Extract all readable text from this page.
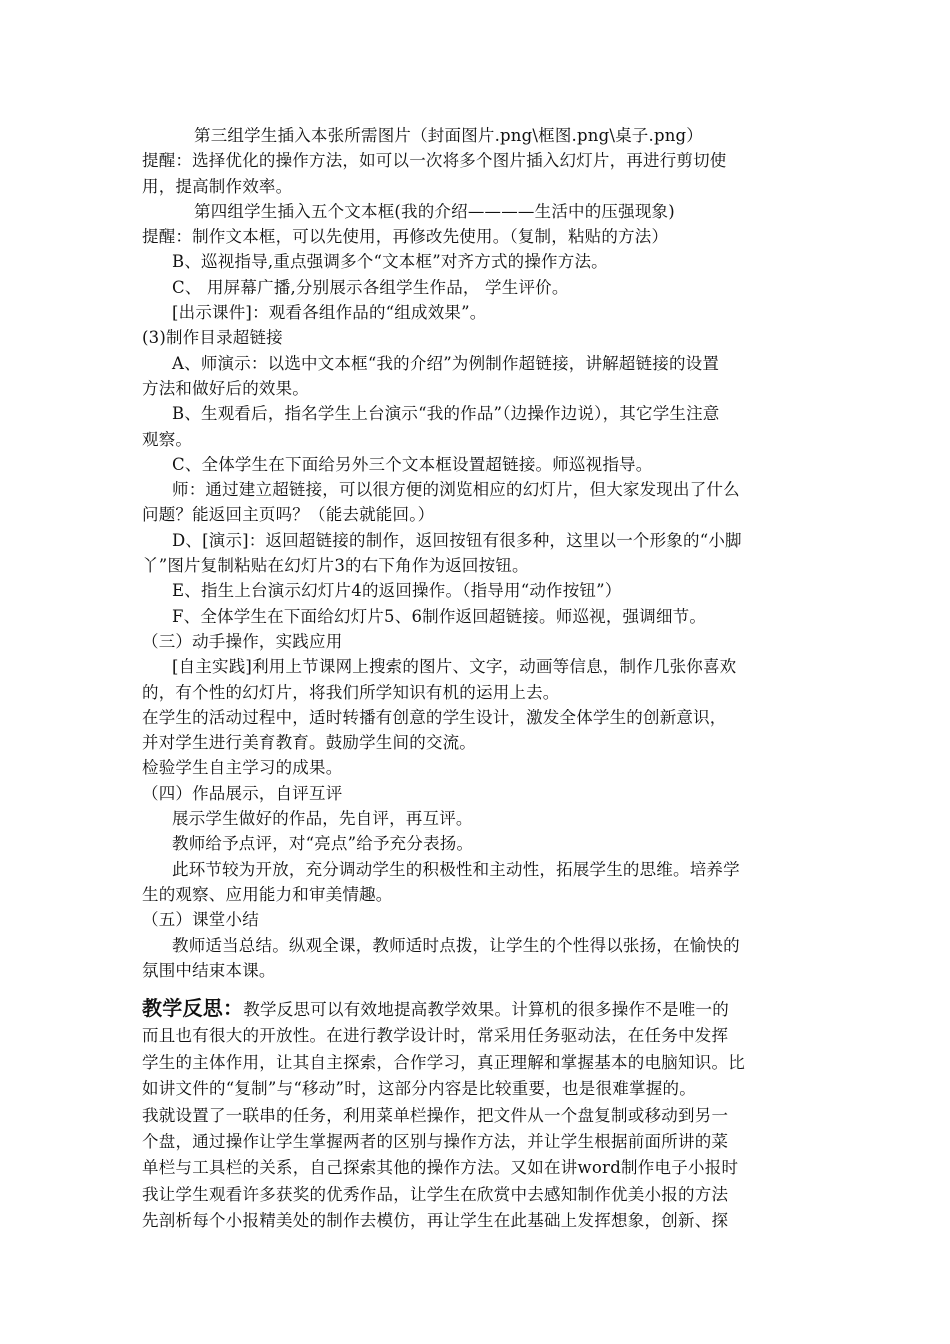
第三组学生插入本张所需图片（封面图片.png\框图.png\桌子.png）
提醒：选择优化的操作方法，如可以一次将多个图片插入幻灯片，再进行剪切使
用，提高制作效率。
第四组学生插入五个文本框(我的介绍————生活中的压强现象)
提醒：制作文本框，可以先使用，再修改先使用。（复制，粘贴的方法）
B、巡视指导,重点强调多个“文本框”对齐方式的操作方法。
C、 用屏幕广播,分别展示各组学生作品， 学生评价。
[出示课件]：观看各组作品的“组成效果”。
(3)制作目录超链接
A、师演示：以选中文本框“我的介绍”为例制作超链接，讲解超链接的设置
方法和做好后的效果。
B、生观看后，指名学生上台演示“我的作品”（边操作边说），其它学生注意
观察。
C、全体学生在下面给另外三个文本框设置超链接。师巡视指导。
师：通过建立超链接，可以很方便的浏览相应的幻灯片，但大家发现出了什么
问题？能返回主页吗？（能去就能回。）
D、[演示]：返回超链接的制作，返回按钮有很多种，这里以一个形象的“小脚
丫”图片复制粘贴在幻灯片3的右下角作为返回按钮。
E、指生上台演示幻灯片4的返回操作。（指导用“动作按钮”）
F、全体学生在下面给幻灯片5、6制作返回超链接。师巡视，强调细节。
（三）动手操作，实践应用
[自主实践]利用上节课网上搜索的图片、文字，动画等信息，制作几张你喜欢
的，有个性的幻灯片，将我们所学知识有机的运用上去。
在学生的活动过程中，适时转播有创意的学生设计，激发全体学生的创新意识，
并对学生进行美育教育。鼓励学生间的交流。
检验学生自主学习的成果。
（四）作品展示，自评互评
展示学生做好的作品，先自评，再互评。
教师给予点评，对“亮点”给予充分表扬。
此环节较为开放，充分调动学生的积极性和主动性，拓展学生的思维。培养学
生的观察、应用能力和审美情趣。
（五）课堂小结
教师适当总结。纵观全课，教师适时点拨，让学生的个性得以张扬，在愉快的
氛围中结束本课。
教学反思：教学反思可以有效地提高教学效果。计算机的很多操作不是唯一的
而且也有很大的开放性。在进行教学设计时，常采用任务驱动法，在任务中发挥
学生的主体作用，让其自主探索，合作学习，真正理解和掌握基本的电脑知识。比
如讲文件的“复制”与“移动”时，这部分内容是比较重要，也是很难掌握的。
我就设置了一联串的任务，利用菜单栏操作，把文件从一个盘复制或移动到另一
个盘，通过操作让学生掌握两者的区别与操作方法，并让学生根据前面所讲的菜
单栏与工具栏的关系，自己探索其他的操作方法。又如在讲word制作电子小报时
我让学生观看许多获奖的优秀作品，让学生在欣赏中去感知制作优美小报的方法
先剖析每个小报精美处的制作去模仿，再让学生在此基础上发挥想象，创新、探
